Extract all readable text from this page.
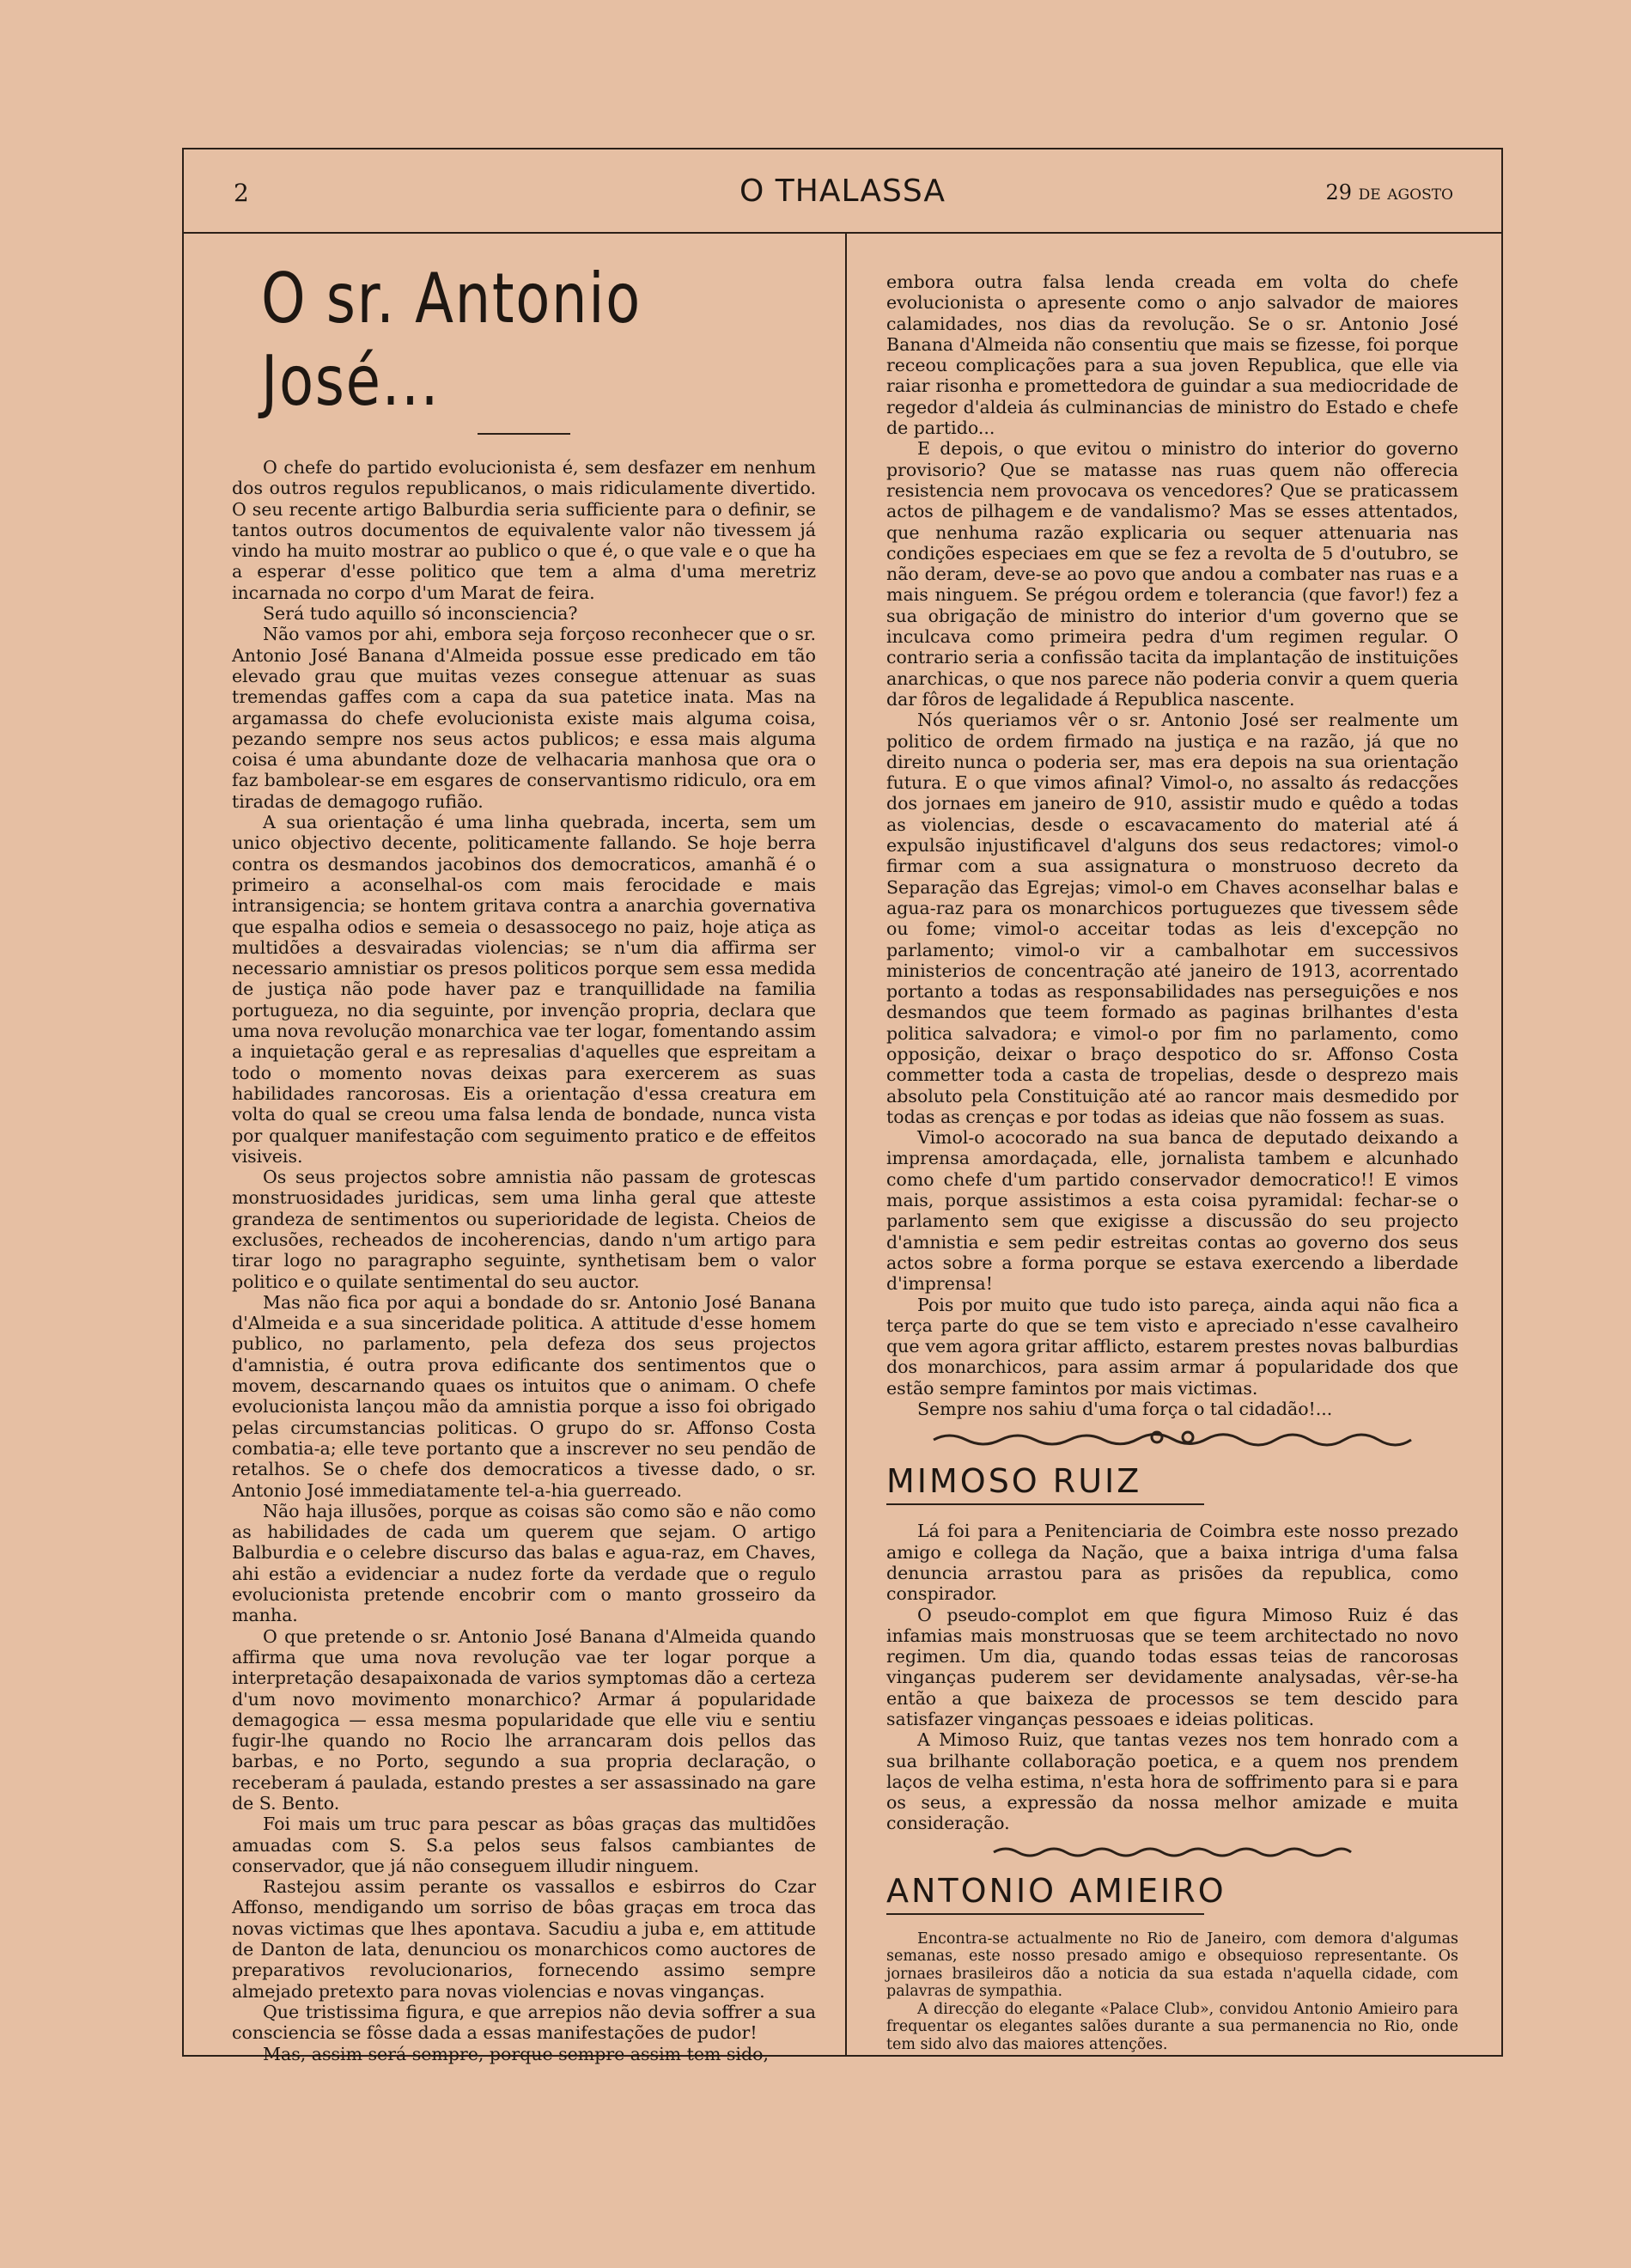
2	O THALASSA	29 de agosto
O sr. Antonio José...

O chefe do partido evolucionista é, sem desfazer em nenhum dos outros regulos republicanos, o mais ridiculamente divertido. O seu recente artigo Balburdia seria sufficiente para o definir, se tantos outros documentos de equivalente valor não tivessem já vindo ha muito mostrar ao publico o que é, o que vale e o que ha a esperar d'esse politico que tem a alma d'uma meretriz incarnada no corpo d'um Marat de feira.

Será tudo aquillo só inconsciencia?

Não vamos por ahi, embora seja forçoso reconhecer que o sr. Antonio José Banana d'Almeida possue esse predicado em tão elevado grau que muitas vezes consegue attenuar as suas tremendas gaffes com a capa da sua patetice inata. Mas na argamassa do chefe evolucionista existe mais alguma coisa, pezando sempre nos seus actos publicos; e essa mais alguma coisa é uma abundante doze de velhacaria manhosa que ora o faz bambolear-se em esgares de conservantismo ridiculo, ora em tiradas de demagogo rufião.

A sua orientação é uma linha quebrada, incerta, sem um unico objectivo decente, politicamente fallando. Se hoje berra contra os desmandos jacobinos dos democraticos, amanhã é o primeiro a aconselhal-os com mais ferocidade e mais intransigencia; se hontem gritava contra a anarchia governativa que espalha odios e semeia o desassocego no paiz, hoje atiça as multidões a desvairadas violencias; se n'um dia affirma ser necessario amnistiar os presos politicos porque sem essa medida de justiça não pode haver paz e tranquillidade na familia portugueza, no dia seguinte, por invenção propria, declara que uma nova revolução monarchica vae ter logar, fomentando assim a inquietação geral e as represalias d'aquelles que espreitam a todo o momento novas deixas para exercerem as suas habilidades rancorosas. Eis a orientação d'essa creatura em volta do qual se creou uma falsa lenda de bondade, nunca vista por qualquer manifestação com seguimento pratico e de effeitos visiveis.

Os seus projectos sobre amnistia não passam de grotescas monstruosidades juridicas, sem uma linha geral que atteste grandeza de sentimentos ou superioridade de legista. Cheios de exclusões, recheados de incoherencias, dando n'um artigo para tirar logo no paragrapho seguinte, synthetisam bem o valor politico e o quilate sentimental do seu auctor.

Mas não fica por aqui a bondade do sr. Antonio José Banana d'Almeida e a sua sinceridade politica. A attitude d'esse homem publico, no parlamento, pela defeza dos seus projectos d'amnistia, é outra prova edificante dos sentimentos que o movem, descarnando quaes os intuitos que o animam. O chefe evolucionista lançou mão da amnistia porque a isso foi obrigado pelas circumstancias politicas. O grupo do sr. Affonso Costa combatia-a; elle teve portanto que a inscrever no seu pendão de retalhos. Se o chefe dos democraticos a tivesse dado, o sr. Antonio José immediatamente tel-a-hia guerreado.

Não haja illusões, porque as coisas são como são e não como as habilidades de cada um querem que sejam. O artigo Balburdia e o celebre discurso das balas e agua-raz, em Chaves, ahi estão a evidenciar a nudez forte da verdade que o regulo evolucionista pretende encobrir com o manto grosseiro da manha.

O que pretende o sr. Antonio José Banana d'Almeida quando affirma que uma nova revolução vae ter logar porque a interpretação desapaixonada de varios symptomas dão a certeza d'um novo movimento monarchico? Armar á popularidade demagogica — essa mesma popularidade que elle viu e sentiu fugir-lhe quando no Rocio lhe arrancaram dois pellos das barbas, e no Porto, segundo a sua propria declaração, o receberam á paulada, estando prestes a ser assassinado na gare de S. Bento.

Foi mais um truc para pescar as bôas graças das multidões amuadas com S. S.a pelos seus falsos cambiantes de conservador, que já não conseguem illudir ninguem.

Rastejou assim perante os vassallos e esbirros do Czar Affonso, mendigando um sorriso de bôas graças em troca das novas victimas que lhes apontava. Sacudiu a juba e, em attitude de Danton de lata, denunciou os monarchicos como auctores de preparativos revolucionarios, fornecendo assimo sempre almejado pretexto para novas violencias e novas vinganças.

Que tristissima figura, e que arrepios não devia soffrer a sua consciencia se fôsse dada a essas manifestações de pudor!

Mas, assim será sempre, porque sempre assim tem sido,

embora outra falsa lenda creada em volta do chefe evolucionista o apresente como o anjo salvador de maiores calamidades, nos dias da revolução. Se o sr. Antonio José Banana d'Almeida não consentiu que mais se fizesse, foi porque receou complicações para a sua joven Republica, que elle via raiar risonha e promettedora de guindar a sua mediocridade de regedor d'aldeia ás culminancias de ministro do Estado e chefe de partido...

E depois, o que evitou o ministro do interior do governo provisorio? Que se matasse nas ruas quem não offerecia resistencia nem provocava os vencedores? Que se praticassem actos de pilhagem e de vandalismo? Mas se esses attentados, que nenhuma razão explicaria ou sequer attenuaria nas condições especiaes em que se fez a revolta de 5 d'outubro, se não deram, deve-se ao povo que andou a combater nas ruas e a mais ninguem. Se prégou ordem e tolerancia (que favor!) fez a sua obrigação de ministro do interior d'um governo que se inculcava como primeira pedra d'um regimen regular. O contrario seria a confissão tacita da implantação de instituições anarchicas, o que nos parece não poderia convir a quem queria dar fôros de legalidade á Republica nascente.

Nós queriamos vêr o sr. Antonio José ser realmente um politico de ordem firmado na justiça e na razão, já que no direito nunca o poderia ser, mas era depois na sua orientação futura. E o que vimos afinal? Vimol-o, no assalto ás redacções dos jornaes em janeiro de 910, assistir mudo e quêdo a todas as violencias, desde o escavacamento do material até á expulsão injustificavel d'alguns dos seus redactores; vimol-o firmar com a sua assignatura o monstruoso decreto da Separação das Egrejas; vimol-o em Chaves aconselhar balas e agua-raz para os monarchicos portuguezes que tivessem sêde ou fome; vimol-o acceitar todas as leis d'excepção no parlamento; vimol-o vir a cambalhotar em successivos ministerios de concentração até janeiro de 1913, acorrentado portanto a todas as responsabilidades nas perseguições e nos desmandos que teem formado as paginas brilhantes d'esta politica salvadora; e vimol-o por fim no parlamento, como opposição, deixar o braço despotico do sr. Affonso Costa commetter toda a casta de tropelias, desde o desprezo mais absoluto pela Constituição até ao rancor mais desmedido por todas as crenças e por todas as ideias que não fossem as suas.

Vimol-o acocorado na sua banca de deputado deixando a imprensa amordaçada, elle, jornalista tambem e alcunhado como chefe d'um partido conservador democratico!! E vimos mais, porque assistimos a esta coisa pyramidal: fechar-se o parlamento sem que exigisse a discussão do seu projecto d'amnistia e sem pedir estreitas contas ao governo dos seus actos sobre a forma porque se estava exercendo a liberdade d'imprensa!

Pois por muito que tudo isto pareça, ainda aqui não fica a terça parte do que se tem visto e apreciado n'esse cavalheiro que vem agora gritar afflicto, estarem prestes novas balburdias dos monarchicos, para assim armar á popularidade dos que estão sempre famintos por mais victimas.

Sempre nos sahiu d'uma força o tal cidadão!...

MIMOSO RUIZ

Lá foi para a Penitenciaria de Coimbra este nosso prezado amigo e collega da Nação, que a baixa intriga d'uma falsa denuncia arrastou para as prisões da republica, como conspirador.

O pseudo-complot em que figura Mimoso Ruiz é das infamias mais monstruosas que se teem architectado no novo regimen. Um dia, quando todas essas teias de rancorosas vinganças puderem ser devidamente analysadas, vêr-se-ha então a que baixeza de processos se tem descido para satisfazer vinganças pessoaes e ideias politicas.

A Mimoso Ruiz, que tantas vezes nos tem honrado com a sua brilhante collaboração poetica, e a quem nos prendem laços de velha estima, n'esta hora de soffrimento para si e para os seus, a expressão da nossa melhor amizade e muita consideração.

ANTONIO AMIEIRO

Encontra-se actualmente no Rio de Janeiro, com demora d'algumas semanas, este nosso presado amigo e obsequioso representante. Os jornaes brasileiros dão a noticia da sua estada n'aquella cidade, com palavras de sympathia.

A direcção do elegante «Palace Club», convidou Antonio Amieiro para frequentar os elegantes salões durante a sua permanencia no Rio, onde tem sido alvo das maiores attenções.
